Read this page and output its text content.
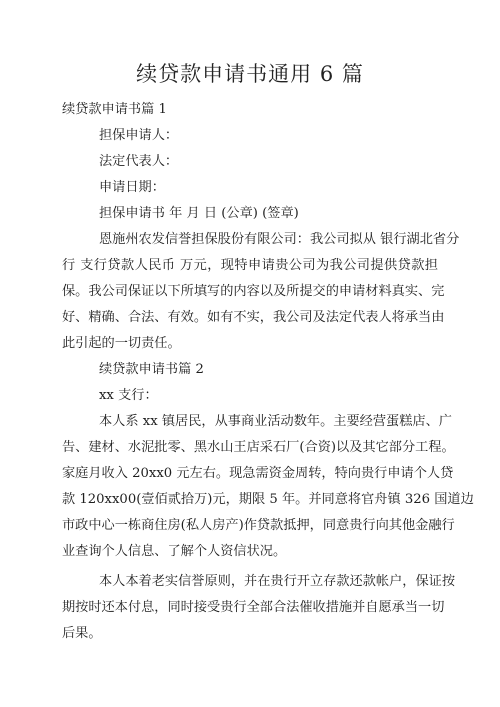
续贷款申请书通用 6 篇
续贷款申请书篇 1
担保申请人：
法定代表人：
申请日期：
担保申请书 年 月 日 (公章) (签章)
恩施州农发信誉担保股份有限公司：我公司拟从 银行湖北省分
行 支行贷款人民币 万元，现特申请贵公司为我公司提供贷款担
保。我公司保证以下所填写的内容以及所提交的申请材料真实、完
好、精确、合法、有效。如有不实，我公司及法定代表人将承当由
此引起的一切责任。
续贷款申请书篇 2
xx 支行：
本人系 xx 镇居民，从事商业活动数年。主要经营蛋糕店、广
告、建材、水泥批零、黑水山王店采石厂(合资)以及其它部分工程。
家庭月收入 20xx0 元左右。现急需资金周转，特向贵行申请个人贷
款 120xx00(壹佰贰拾万)元，期限 5 年。并同意将官舟镇 326 国道边
市政中心一栋商住房(私人房产)作贷款抵押，同意贵行向其他金融行
业查询个人信息、了解个人资信状况。
本人本着老实信誉原则，并在贵行开立存款还款帐户，保证按
期按时还本付息，同时接受贵行全部合法催收措施并自愿承当一切
后果。
